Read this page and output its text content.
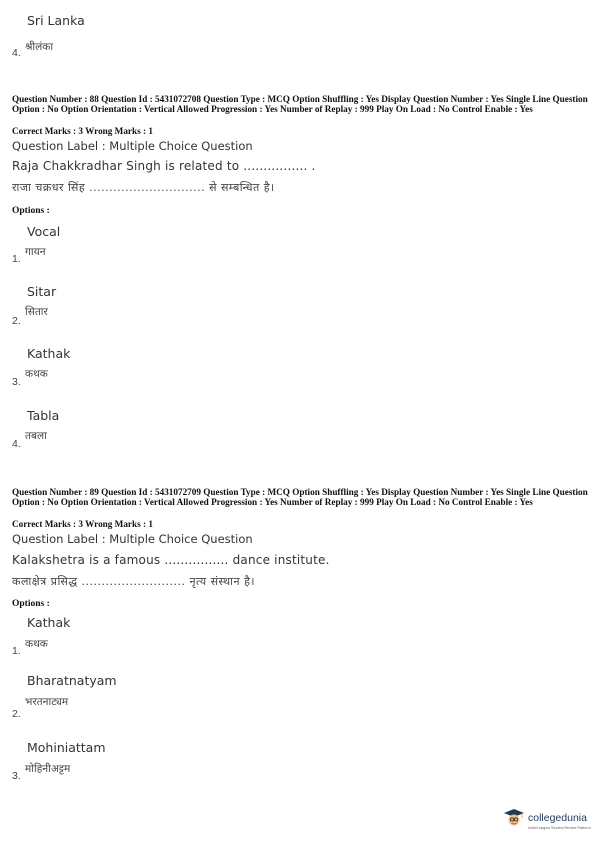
Sri Lanka
4. श्रीलंका
Question Number : 88 Question Id : 5431072708 Question Type : MCQ Option Shuffling : Yes Display Question Number : Yes Single Line Question Option : No Option Orientation : Vertical Allowed Progression : Yes Number of Replay : 999 Play On Load : No Control Enable : Yes
Correct Marks : 3 Wrong Marks : 1
Question Label : Multiple Choice Question
Raja Chakkradhar Singh is related to ................ .
राजा चक्रधर सिंह ............................. से सम्बन्धित है।
Options :
Vocal
गायन
1.
Sitar
सितार
2.
Kathak
कथक
3.
Tabla
तबला
4.
Question Number : 89 Question Id : 5431072709 Question Type : MCQ Option Shuffling : Yes Display Question Number : Yes Single Line Question Option : No Option Orientation : Vertical Allowed Progression : Yes Number of Replay : 999 Play On Load : No Control Enable : Yes
Correct Marks : 3 Wrong Marks : 1
Question Label : Multiple Choice Question
Kalakshetra is a famous ................ dance institute.
कलाक्षेत्र प्रसिद्ध .......................... नृत्य संस्थान है।
Options :
Kathak
कथक
1.
Bharatnatyam
भरतनाट्यम
2.
Mohiniattam
मोहिनीअट्टम
3.
collegedunia
India's largest Student Review Platform
